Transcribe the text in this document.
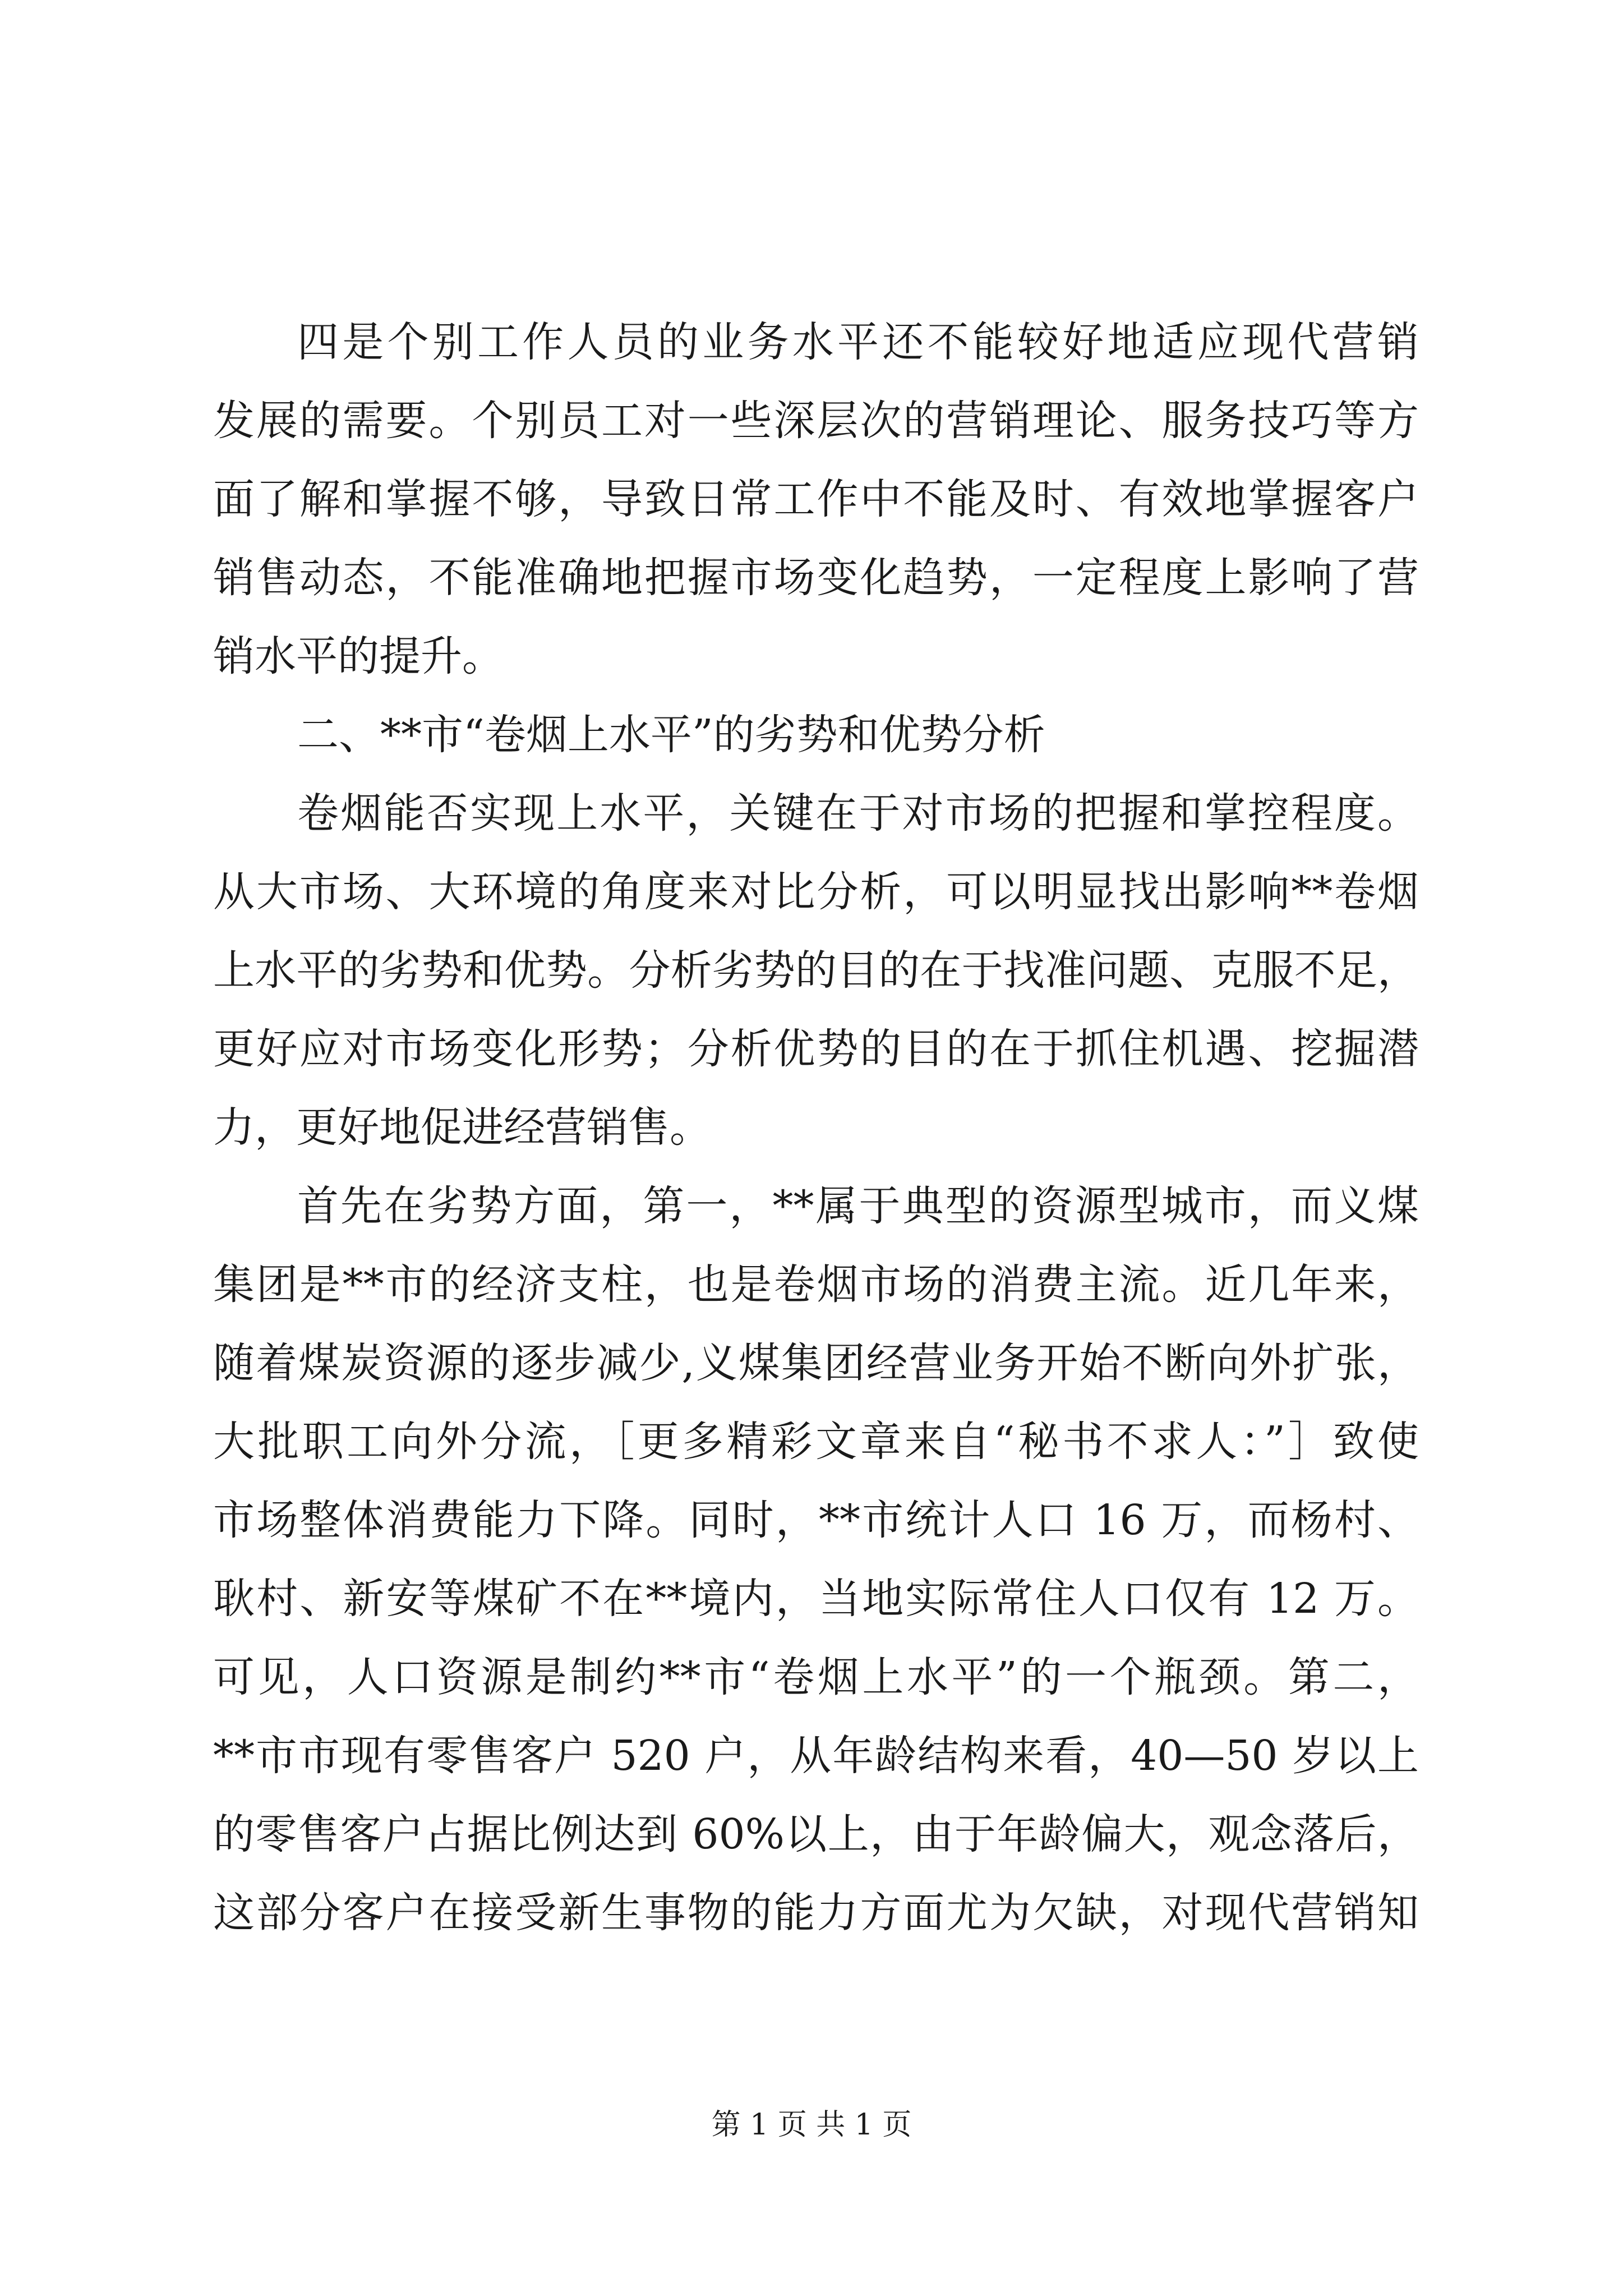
四是个别工作人员的业务水平还不能较好地适应现代营销
发展的需要。个别员工对一些深层次的营销理论、服务技巧等方
面了解和掌握不够，导致日常工作中不能及时、有效地掌握客户
销售动态，不能准确地把握市场变化趋势，一定程度上影响了营
销水平的提升。
二、**市“卷烟上水平”的劣势和优势分析
卷烟能否实现上水平，关键在于对市场的把握和掌控程度。
从大市场、大环境的角度来对比分析，可以明显找出影响**卷烟
上水平的劣势和优势。分析劣势的目的在于找准问题、克服不足，
更好应对市场变化形势；分析优势的目的在于抓住机遇、挖掘潜
力，更好地促进经营销售。
首先在劣势方面，第一，**属于典型的资源型城市，而义煤
集团是**市的经济支柱，也是卷烟市场的消费主流。近几年来，
随着煤炭资源的逐步减少,义煤集团经营业务开始不断向外扩张，
大批职工向外分流，［更多精彩文章来自“秘书不求人：”］致使
市场整体消费能力下降。同时，**市统计人口 16 万，而杨村、
耿村、新安等煤矿不在**境内，当地实际常住人口仅有 12 万。
可见，人口资源是制约**市“卷烟上水平”的一个瓶颈。第二，
**市市现有零售客户 520 户，从年龄结构来看，40—50 岁以上
的零售客户占据比例达到 60%以上，由于年龄偏大，观念落后，
这部分客户在接受新生事物的能力方面尤为欠缺，对现代营销知
第 1 页 共 1 页
